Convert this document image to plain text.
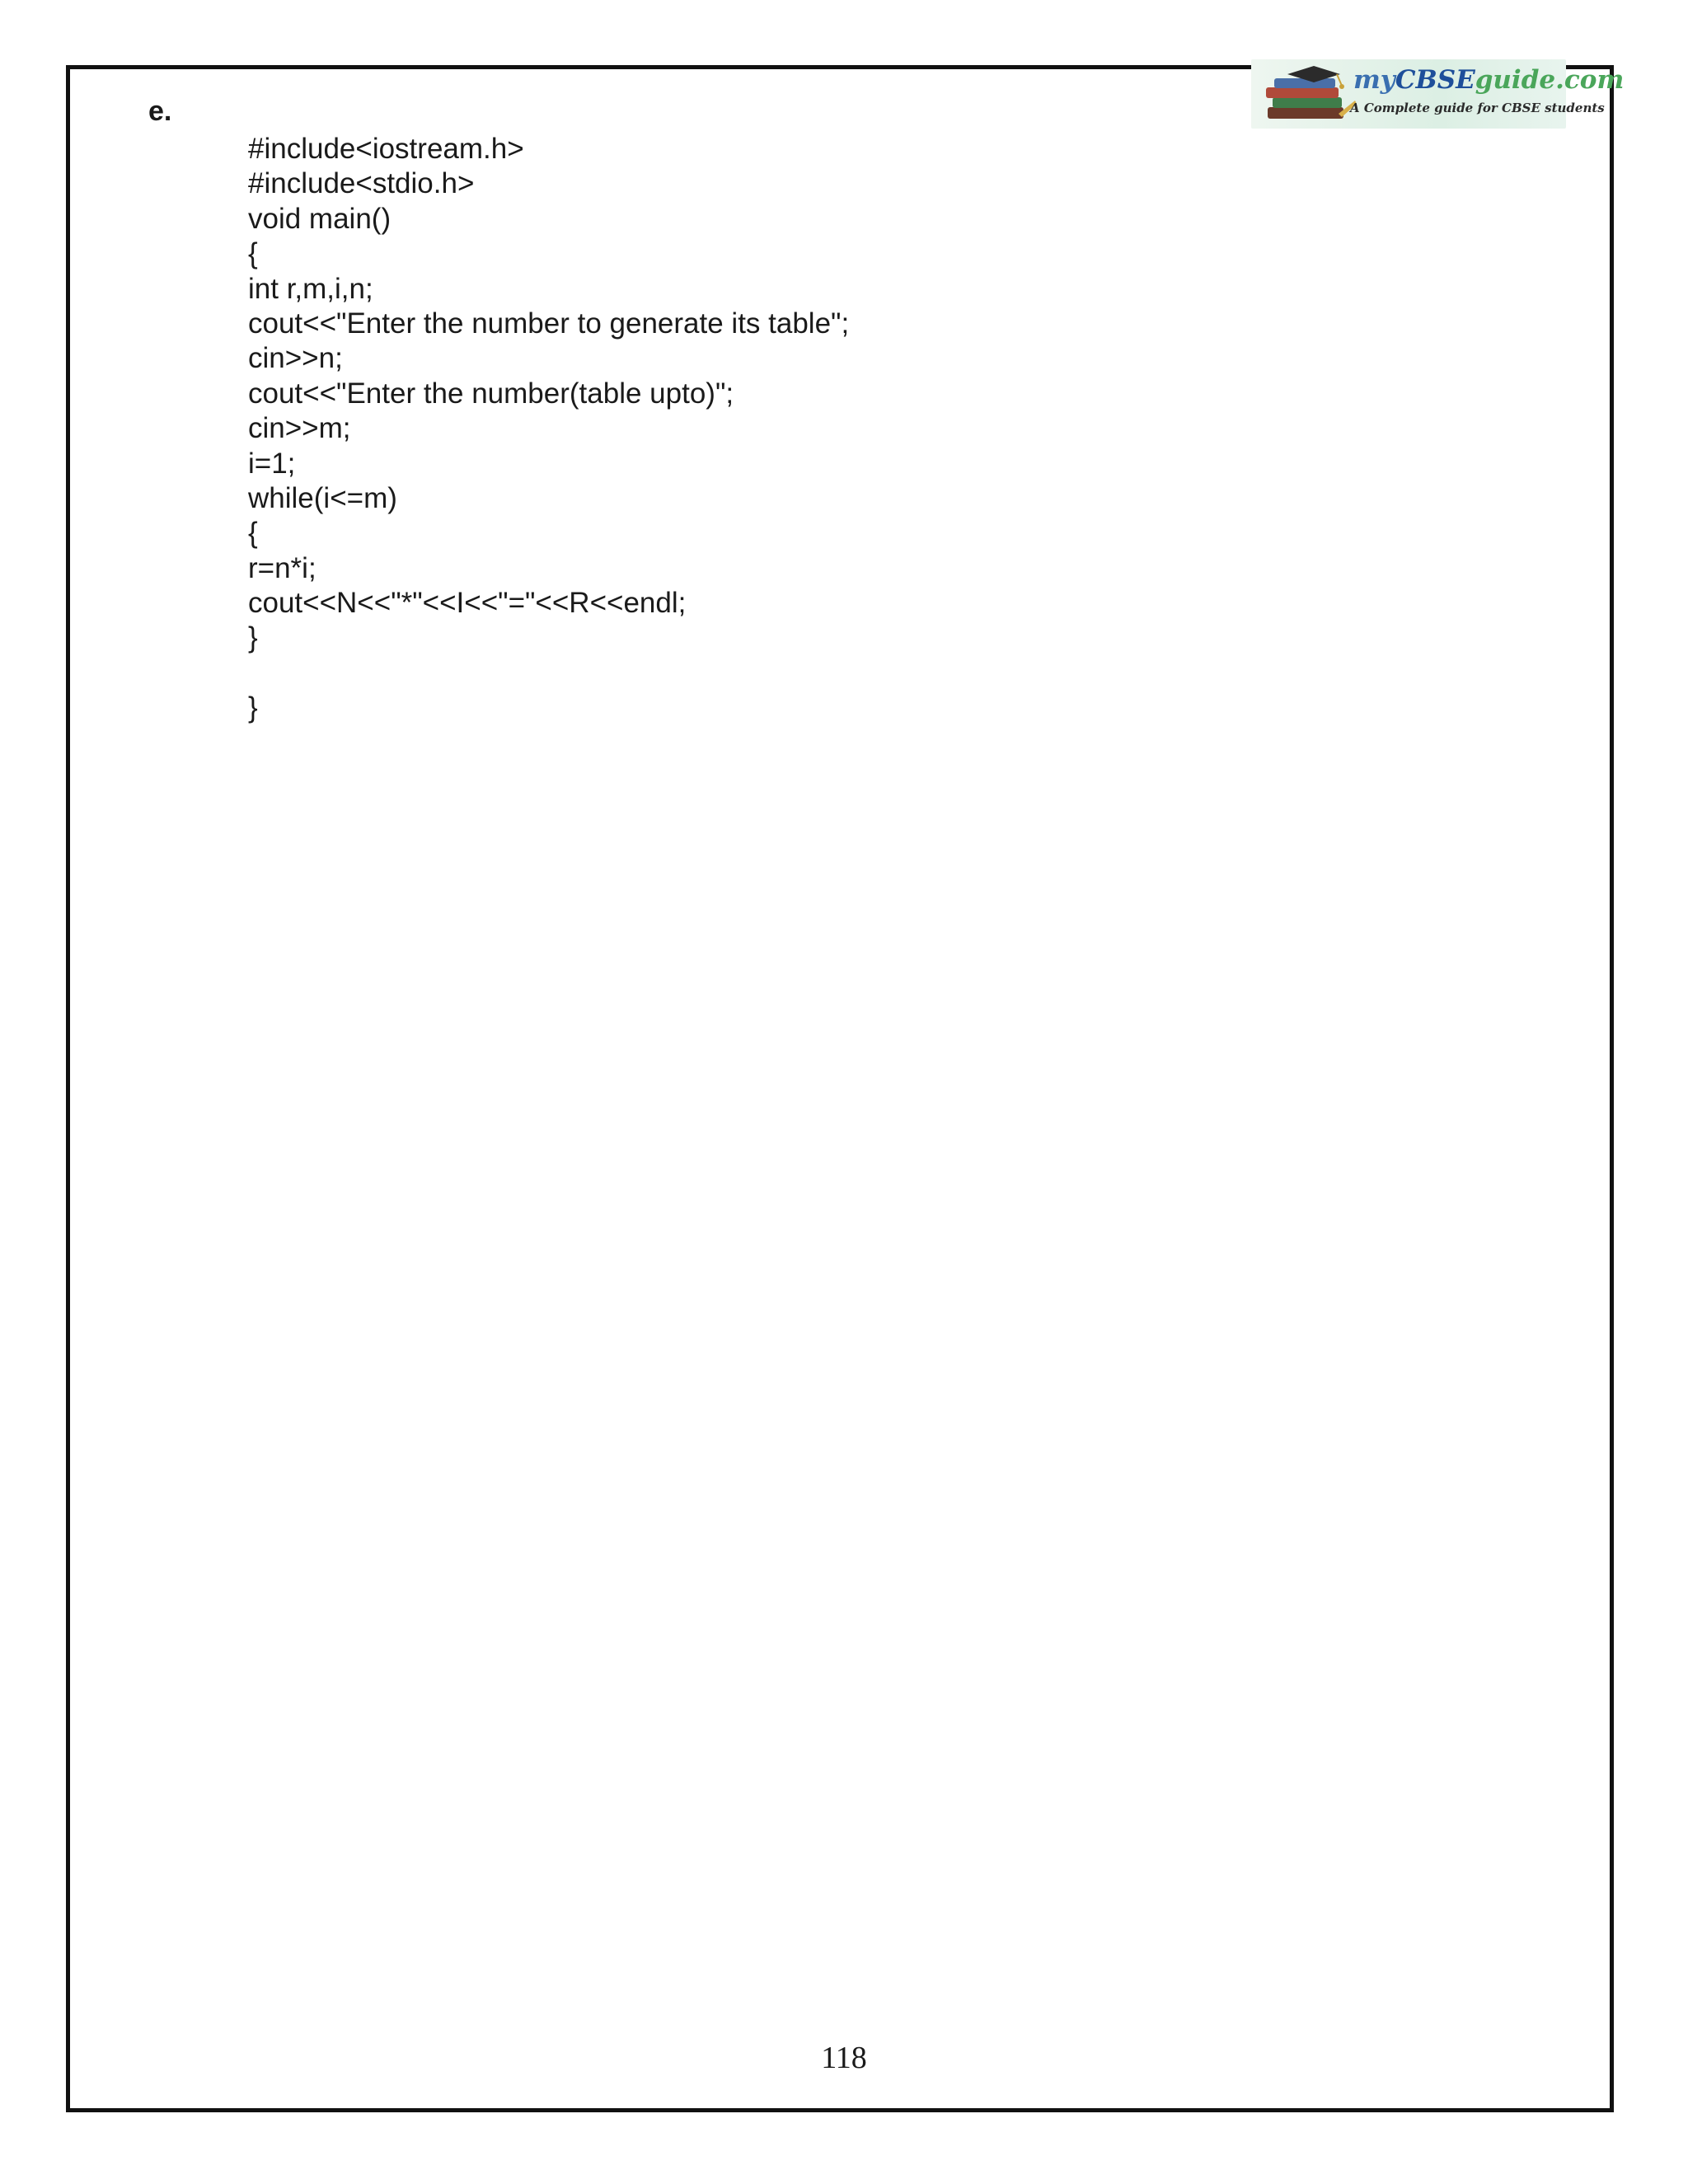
myCBSEguide.com
A Complete guide for CBSE students
e.
#include<iostream.h>
#include<stdio.h>
void main()
{
int r,m,i,n;
cout<<"Enter the number to generate its table";
cin>>n;
cout<<"Enter the number(table upto)";
cin>>m;
i=1;
while(i<=m)
{
r=n*i;
cout<<N<<"*"<<I<<"="<<R<<endl;
}
}
118
